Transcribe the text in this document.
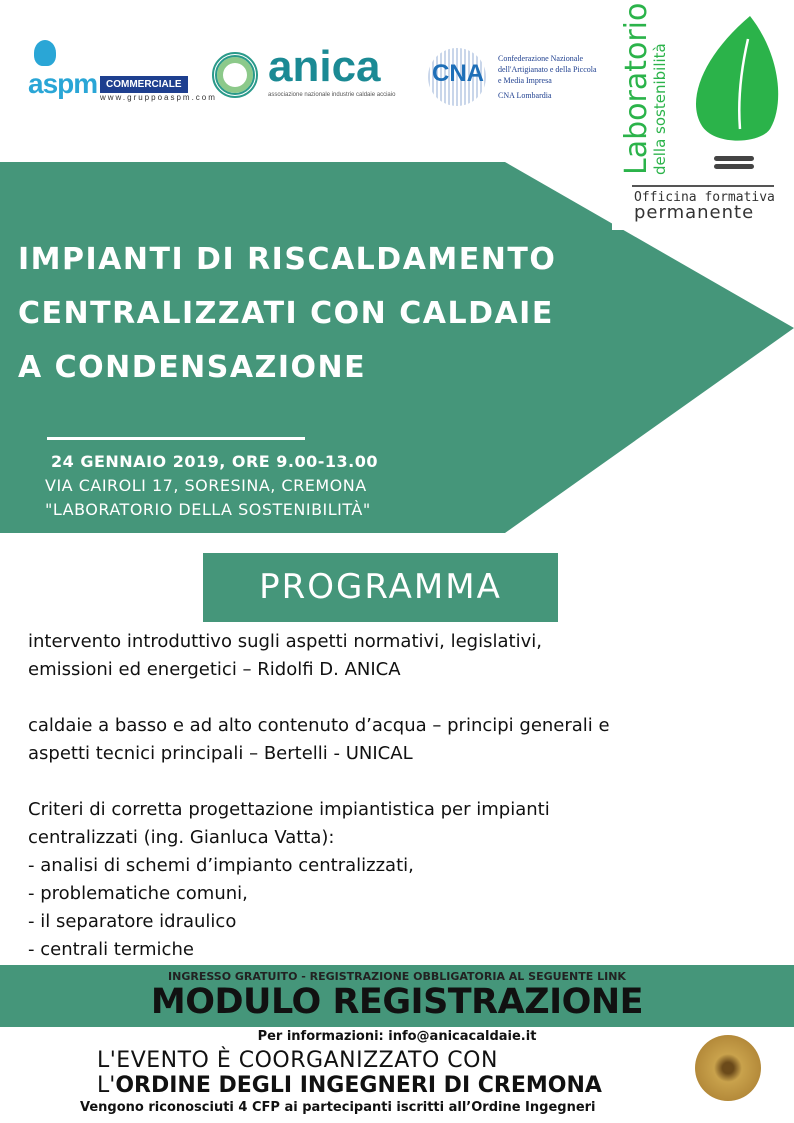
aspm COMMERCIALE
www.gruppoaspm.com
anica
associazione nazionale industrie caldaie acciaio
CNA
Confederazione Nazionale
dell'Artigianato e della Piccola
e Media Impresa
CNA Lombardia	Laboratorio
della sostenibilità
Officina formativa
permanente
IMPIANTI DI RISCALDAMENTO
CENTRALIZZATI CON CALDAIE
A CONDENSAZIONE
24 GENNAIO 2019, ORE 9.00-13.00
VIA CAIROLI 17, SORESINA, CREMONA
"LABORATORIO DELLA SOSTENIBILITÀ"
PROGRAMMA

intervento introduttivo sugli aspetti normativi, legislativi,
emissioni ed energetici – Ridolfi D. ANICA

caldaie a basso e ad alto contenuto d’acqua – principi generali e
aspetti tecnici principali – Bertelli - UNICAL

Criteri di corretta progettazione impiantistica per impianti
centralizzati (ing. Gianluca Vatta):
- analisi di schemi d’impianto centralizzati,
- problematiche comuni,
- il separatore idraulico
- centrali termiche

INGRESSO GRATUITO - REGISTRAZIONE OBBLIGATORIA AL SEGUENTE LINK
MODULO REGISTRAZIONE
Per informazioni: info@anicacaldaie.it
L'EVENTO È COORGANIZZATO CON
L'ORDINE DEGLI INGEGNERI DI CREMONA
Vengono riconosciuti 4 CFP ai partecipanti iscritti all’Ordine Ingegneri
